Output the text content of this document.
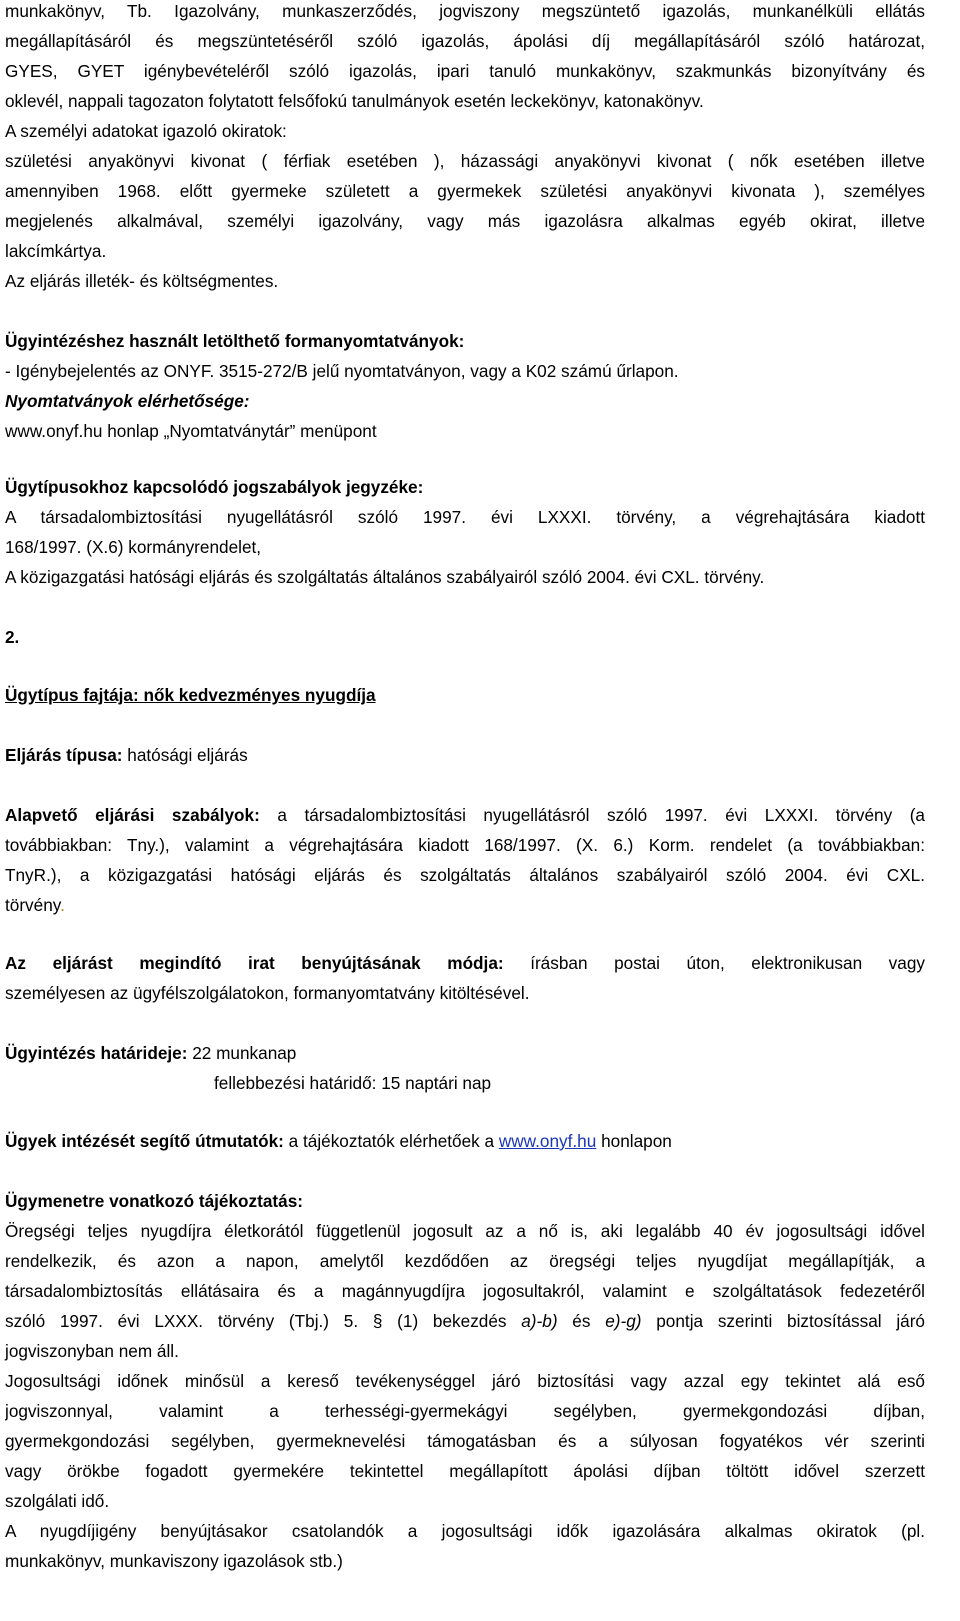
munkakönyv, Tb. Igazolvány, munkaszerződés, jogviszony megszüntető igazolás, munkanélküli ellátás
megállapításáról és megszüntetéséről szóló igazolás, ápolási díj megállapításáról szóló határozat,
GYES, GYET igénybevételéről szóló igazolás, ipari tanuló munkakönyv, szakmunkás bizonyítvány és
oklevél, nappali tagozaton folytatott felsőfokú tanulmányok esetén leckekönyv, katonakönyv.
A személyi adatokat igazoló okiratok:
születési anyakönyvi kivonat ( férfiak esetében ), házassági anyakönyvi kivonat ( nők esetében illetve
amennyiben 1968. előtt gyermeke született a gyermekek születési anyakönyvi kivonata ), személyes
megjelenés alkalmával, személyi igazolvány, vagy más igazolásra alkalmas egyéb okirat, illetve
lakcímkártya.
Az eljárás illeték- és költségmentes.
Ügyintézéshez használt letölthető formanyomtatványok:
- Igénybejelentés az ONYF. 3515-272/B jelű nyomtatványon, vagy a K02 számú űrlapon.
Nyomtatványok elérhetősége:
www.onyf.hu honlap „Nyomtatványtár” menüpont
Ügytípusokhoz kapcsolódó jogszabályok jegyzéke:
A társadalombiztosítási nyugellátásról szóló 1997. évi LXXXI. törvény, a végrehajtására kiadott
168/1997. (X.6) kormányrendelet,
A közigazgatási hatósági eljárás és szolgáltatás általános szabályairól szóló 2004. évi CXL. törvény.
2.
Ügytípus fajtája: nők kedvezményes nyugdíja
Eljárás típusa: hatósági eljárás
Alapvető eljárási szabályok: a társadalombiztosítási nyugellátásról szóló 1997. évi LXXXI. törvény (a
továbbiakban: Tny.), valamint a végrehajtására kiadott 168/1997. (X. 6.) Korm. rendelet (a továbbiakban:
TnyR.), a közigazgatási hatósági eljárás és szolgáltatás általános szabályairól szóló 2004. évi CXL.
törvény.
Az eljárást megindító irat benyújtásának módja: írásban postai úton, elektronikusan vagy
személyesen az ügyfélszolgálatokon, formanyomtatvány kitöltésével.
Ügyintézés határideje: 22 munkanap
fellebbezési határidő: 15 naptári nap
Ügyek intézését segítő útmutatók: a tájékoztatók elérhetőek a www.onyf.hu honlapon
Ügymenetre vonatkozó tájékoztatás:
Öregségi teljes nyugdíjra életkorától függetlenül jogosult az a nő is, aki legalább 40 év jogosultsági idővel
rendelkezik, és azon a napon, amelytől kezdődően az öregségi teljes nyugdíjat megállapítják, a
társadalombiztosítás ellátásaira és a magánnyugdíjra jogosultakról, valamint e szolgáltatások fedezetéről
szóló 1997. évi LXXX. törvény (Tbj.) 5. § (1) bekezdés a)-b) és e)-g) pontja szerinti biztosítással járó
jogviszonyban nem áll.
Jogosultsági időnek minősül a kereső tevékenységgel járó biztosítási vagy azzal egy tekintet alá eső
jogviszonnyal, valamint a terhességi-gyermekágyi segélyben, gyermekgondozási díjban,
gyermekgondozási segélyben, gyermeknevelési támogatásban és a súlyosan fogyatékos vér szerinti
vagy örökbe fogadott gyermekére tekintettel megállapított ápolási díjban töltött idővel szerzett
szolgálati idő.
A nyugdíjigény benyújtásakor csatolandók a jogosultsági idők igazolására alkalmas okiratok (pl.
munkakönyv, munkaviszony igazolások stb.)
